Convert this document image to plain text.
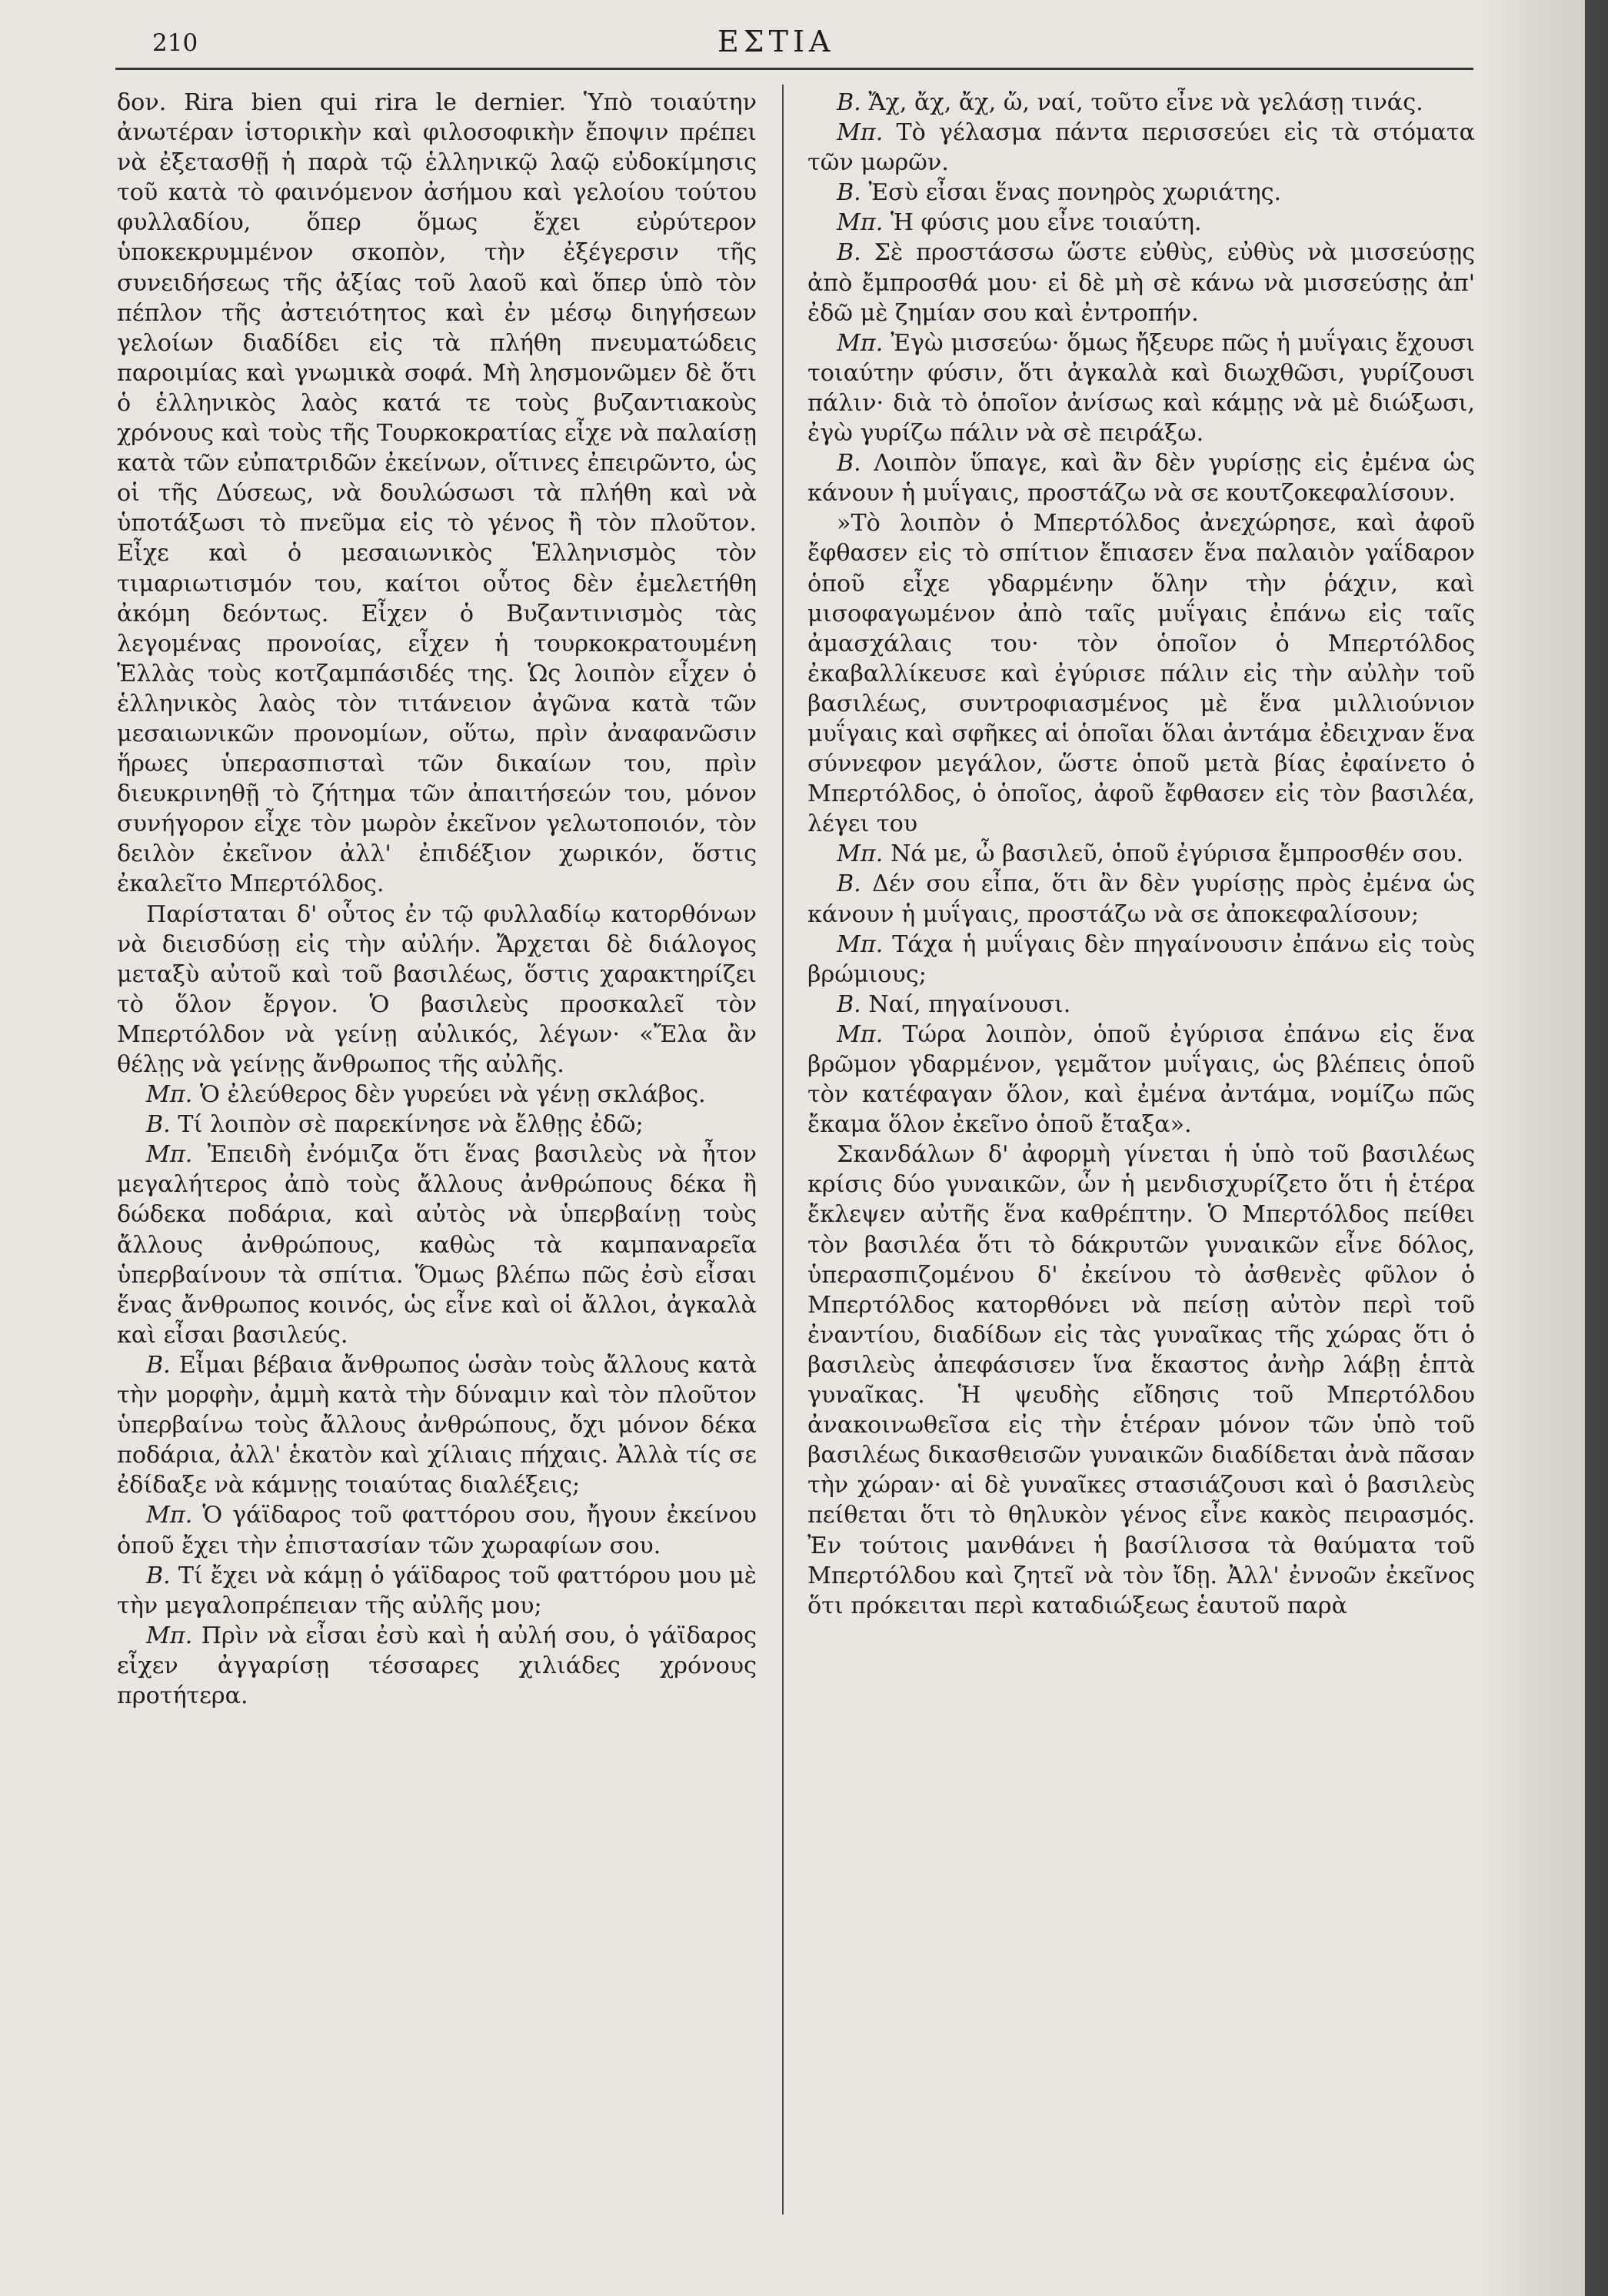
210	ΕΣΤΙΑ

δον. Rira bien qui rira le dernier. Ὑπὸ τοιαύτην ἀνωτέραν ἱστορικὴν καὶ φιλοσοφικὴν ἔποψιν πρέπει νὰ ἐξετασθῇ ἡ παρὰ τῷ ἑλληνικῷ λαῷ εὐδοκίμησις τοῦ κατὰ τὸ φαινόμενον ἀσήμου καὶ γελοίου τούτου φυλλαδίου, ὅπερ ὅμως ἔχει εὐρύτερον ὑποκεκρυμμένον σκοπὸν, τὴν ἐξέγερσιν τῆς συνειδήσεως τῆς ἀξίας τοῦ λαοῦ καὶ ὅπερ ὑπὸ τὸν πέπλον τῆς ἀστειότητος καὶ ἐν μέσῳ διηγήσεων γελοίων διαδίδει εἰς τὰ πλήθη πνευματώδεις παροιμίας καὶ γνωμικὰ σοφά. Μὴ λησμονῶμεν δὲ ὅτι ὁ ἑλληνικὸς λαὸς κατά τε τοὺς βυζαντιακοὺς χρόνους καὶ τοὺς τῆς Τουρκοκρατίας εἶχε νὰ παλαίσῃ κατὰ τῶν εὐπατριδῶν ἐκείνων, οἵτινες ἐπειρῶντο, ὡς οἱ τῆς Δύσεως, νὰ δουλώσωσι τὰ πλήθη καὶ νὰ ὑποτάξωσι τὸ πνεῦμα εἰς τὸ γένος ἢ τὸν πλοῦτον. Εἶχε καὶ ὁ μεσαιωνικὸς Ἑλληνισμὸς τὸν τιμαριωτισμόν του, καίτοι οὗτος δὲν ἐμελετήθη ἀκόμη δεόντως. Εἶχεν ὁ Βυζαντινισμὸς τὰς λεγομένας προνοίας, εἶχεν ἡ τουρκοκρατουμένη Ἑλλὰς τοὺς κοτζαμπάσιδές της. Ὡς λοιπὸν εἶχεν ὁ ἑλληνικὸς λαὸς τὸν τιτάνειον ἀγῶνα κατὰ τῶν μεσαιωνικῶν προνομίων, οὕτω, πρὶν ἀναφανῶσιν ἥρωες ὑπερασπισταὶ τῶν δικαίων του, πρὶν διευκρινηθῇ τὸ ζήτημα τῶν ἀπαιτήσεών του, μόνον συνήγορον εἶχε τὸν μωρὸν ἐκεῖνον γελωτοποιόν, τὸν δειλὸν ἐκεῖνον ἀλλ' ἐπιδέξιον χωρικόν, ὅστις ἐκαλεῖτο Μπερτόλδος.

Παρίσταται δ' οὗτος ἐν τῷ φυλλαδίῳ κατορθόνων νὰ διεισδύσῃ εἰς τὴν αὐλήν. Ἄρχεται δὲ διάλογος μεταξὺ αὐτοῦ καὶ τοῦ βασιλέως, ὅστις χαρακτηρίζει τὸ ὅλον ἔργον. Ὁ βασιλεὺς προσκαλεῖ τὸν Μπερτόλδον νὰ γείνῃ αὐλικός, λέγων· «Ἔλα ἂν θέλῃς νὰ γείνῃς ἄνθρωπος τῆς αὐλῆς.

Μπ. Ὁ ἐλεύθερος δὲν γυρεύει νὰ γένῃ σκλάβος.

Β. Τί λοιπὸν σὲ παρεκίνησε νὰ ἔλθῃς ἐδῶ;

Μπ. Ἐπειδὴ ἐνόμιζα ὅτι ἕνας βασιλεὺς νὰ ἦτον μεγαλήτερος ἀπὸ τοὺς ἄλλους ἀνθρώπους δέκα ἢ δώδεκα ποδάρια, καὶ αὐτὸς νὰ ὑπερβαίνῃ τοὺς ἄλλους ἀνθρώπους, καθὼς τὰ καμπαναρεῖα ὑπερβαίνουν τὰ σπίτια. Ὅμως βλέπω πῶς ἐσὺ εἶσαι ἕνας ἄνθρωπος κοινός, ὡς εἶνε καὶ οἱ ἄλλοι, ἀγκαλὰ καὶ εἶσαι βασιλεύς.

Β. Εἶμαι βέβαια ἄνθρωπος ὡσὰν τοὺς ἄλλους κατὰ τὴν μορφὴν, ἀμμὴ κατὰ τὴν δύναμιν καὶ τὸν πλοῦτον ὑπερβαίνω τοὺς ἄλλους ἀνθρώπους, ὄχι μόνον δέκα ποδάρια, ἀλλ' ἑκατὸν καὶ χίλιαις πήχαις. Ἀλλὰ τίς σε ἐδίδαξε νὰ κάμνῃς τοιαύτας διαλέξεις;

Μπ. Ὁ γάϊδαρος τοῦ φαττόρου σου, ἤγουν ἐκείνου ὁποῦ ἔχει τὴν ἐπιστασίαν τῶν χωραφίων σου.

Β. Τί ἔχει νὰ κάμῃ ὁ γάϊδαρος τοῦ φαττόρου μου μὲ τὴν μεγαλοπρέπειαν τῆς αὐλῆς μου;

Μπ. Πρὶν νὰ εἶσαι ἐσὺ καὶ ἡ αὐλή σου, ὁ γάϊδαρος εἶχεν ἀγγαρίσῃ τέσσαρες χιλιάδες χρόνους προτήτερα.

Β. Ἄχ, ἄχ, ἄχ, ὤ, ναί, τοῦτο εἶνε νὰ γελάσῃ τινάς.

Μπ. Τὸ γέλασμα πάντα περισσεύει εἰς τὰ στόματα τῶν μωρῶν.

Β. Ἐσὺ εἶσαι ἕνας πονηρὸς χωριάτης.

Μπ. Ἡ φύσις μου εἶνε τοιαύτη.

Β. Σὲ προστάσσω ὥστε εὐθὺς, εὐθὺς νὰ μισσεύσῃς ἀπὸ ἔμπροσθά μου· εἰ δὲ μὴ σὲ κάνω νὰ μισσεύσῃς ἀπ' ἐδῶ μὲ ζημίαν σου καὶ ἐντροπήν.

Μπ. Ἐγὼ μισσεύω· ὅμως ἤξευρε πῶς ἡ μυΐγαις ἔχουσι τοιαύτην φύσιν, ὅτι ἀγκαλὰ καὶ διωχθῶσι, γυρίζουσι πάλιν· διὰ τὸ ὁποῖον ἀνίσως καὶ κάμῃς νὰ μὲ διώξωσι, ἐγὼ γυρίζω πάλιν νὰ σὲ πειράξω.

Β. Λοιπὸν ὕπαγε, καὶ ἂν δὲν γυρίσῃς εἰς ἐμένα ὡς κάνουν ἡ μυΐγαις, προστάζω νὰ σε κουτζοκεφαλίσουν.

»Τὸ λοιπὸν ὁ Μπερτόλδος ἀνεχώρησε, καὶ ἀφοῦ ἔφθασεν εἰς τὸ σπίτιον ἔπιασεν ἕνα παλαιὸν γαΐδαρον ὁποῦ εἶχε γδαρμένην ὅλην τὴν ῥάχιν, καὶ μισοφαγωμένον ἀπὸ ταῖς μυΐγαις ἐπάνω εἰς ταῖς ἀμασχάλαις του· τὸν ὁποῖον ὁ Μπερτόλδος ἐκαβαλλίκευσε καὶ ἐγύρισε πάλιν εἰς τὴν αὐλὴν τοῦ βασιλέως, συντροφιασμένος μὲ ἕνα μιλλιούνιον μυΐγαις καὶ σφῆκες αἱ ὁποῖαι ὅλαι ἀντάμα ἐδειχναν ἕνα σύννεφον μεγάλον, ὥστε ὁποῦ μετὰ βίας ἐφαίνετο ὁ Μπερτόλδος, ὁ ὁποῖος, ἀφοῦ ἔφθασεν εἰς τὸν βασιλέα, λέγει του

Μπ. Νά με, ὦ βασιλεῦ, ὁποῦ ἐγύρισα ἔμπροσθέν σου.

Β. Δέν σου εἶπα, ὅτι ἂν δὲν γυρίσῃς πρὸς ἐμένα ὡς κάνουν ἡ μυΐγαις, προστάζω νὰ σε ἀποκεφαλίσουν;

Μπ. Τάχα ἡ μυΐγαις δὲν πηγαίνουσιν ἐπάνω εἰς τοὺς βρώμιους;

Β. Ναί, πηγαίνουσι.

Μπ. Τώρα λοιπὸν, ὁποῦ ἐγύρισα ἐπάνω εἰς ἕνα βρῶμον γδαρμένον, γεμᾶτον μυΐγαις, ὡς βλέπεις ὁποῦ τὸν κατέφαγαν ὅλον, καὶ ἐμένα ἀντάμα, νομίζω πῶς ἔκαμα ὅλον ἐκεῖνο ὁποῦ ἔταξα».

Σκανδάλων δ' ἀφορμὴ γίνεται ἡ ὑπὸ τοῦ βασιλέως κρίσις δύο γυναικῶν, ὧν ἡ μενδισχυρίζετο ὅτι ἡ ἑτέρα ἔκλεψεν αὐτῆς ἕνα καθρέπτην. Ὁ Μπερτόλδος πείθει τὸν βασιλέα ὅτι τὸ δάκρυτῶν γυναικῶν εἶνε δόλος, ὑπερασπιζομένου δ' ἐκείνου τὸ ἀσθενὲς φῦλον ὁ Μπερτόλδος κατορθόνει νὰ πείσῃ αὐτὸν περὶ τοῦ ἐναντίου, διαδίδων εἰς τὰς γυναῖκας τῆς χώρας ὅτι ὁ βασιλεὺς ἀπεφάσισεν ἵνα ἕκαστος ἀνὴρ λάβῃ ἑπτὰ γυναῖκας. Ἡ ψευδὴς εἴδησις τοῦ Μπερτόλδου ἀνακοινωθεῖσα εἰς τὴν ἑτέραν μόνον τῶν ὑπὸ τοῦ βασιλέως δικασθεισῶν γυναικῶν διαδίδεται ἀνὰ πᾶσαν τὴν χώραν· αἱ δὲ γυναῖκες στασιάζουσι καὶ ὁ βασιλεὺς πείθεται ὅτι τὸ θηλυκὸν γένος εἶνε κακὸς πειρασμός. Ἐν τούτοις μανθάνει ἡ βασίλισσα τὰ θαύματα τοῦ Μπερτόλδου καὶ ζητεῖ νὰ τὸν ἴδῃ. Ἀλλ' ἐννοῶν ἐκεῖνος ὅτι πρόκειται περὶ καταδιώξεως ἑαυτοῦ παρὰ
